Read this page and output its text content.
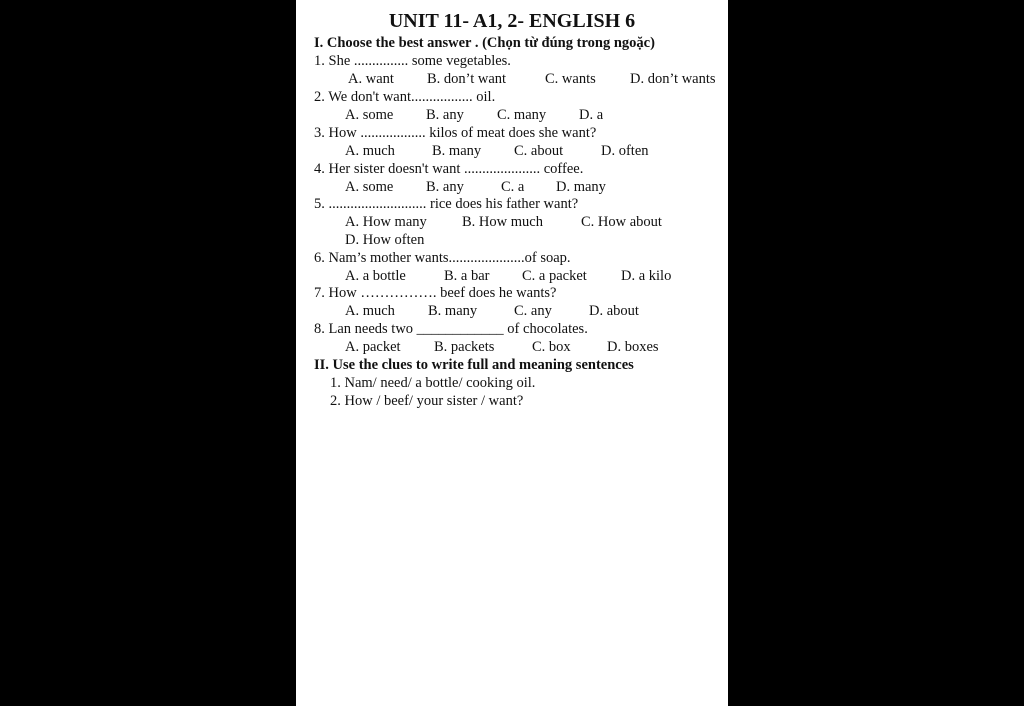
UNIT 11- A1, 2- ENGLISH 6
I. Choose the best answer . (Chọn từ đúng trong ngoặc)
1. She ............... some vegetables.
A. want B. don’t want	C. wants D. don’t wants
2. We don't want................. oil.
A. some B. any C. many D. a
3. How .................. kilos of meat does she want?
A. much	B. many C. about	D. often
4. Her sister doesn't want ..................... coffee.
A. some B. any	C. a D. many
5. ........................... rice does his father want?
A. How many B. How much	C. How about
D. How often
6. Nam’s mother wants.....................of soap.
A. a bottle	B. a bar C. a packet D. a kilo
7. How ……………. beef does he wants?
A. much B. many	C. any	D. about
8. Lan needs two ____________ of chocolates.
A. packet B. packets	C. box	D. boxes
II. Use the clues to write full and meaning sentences
1. Nam/ need/ a bottle/ cooking oil.
2. How / beef/ your sister / want?
